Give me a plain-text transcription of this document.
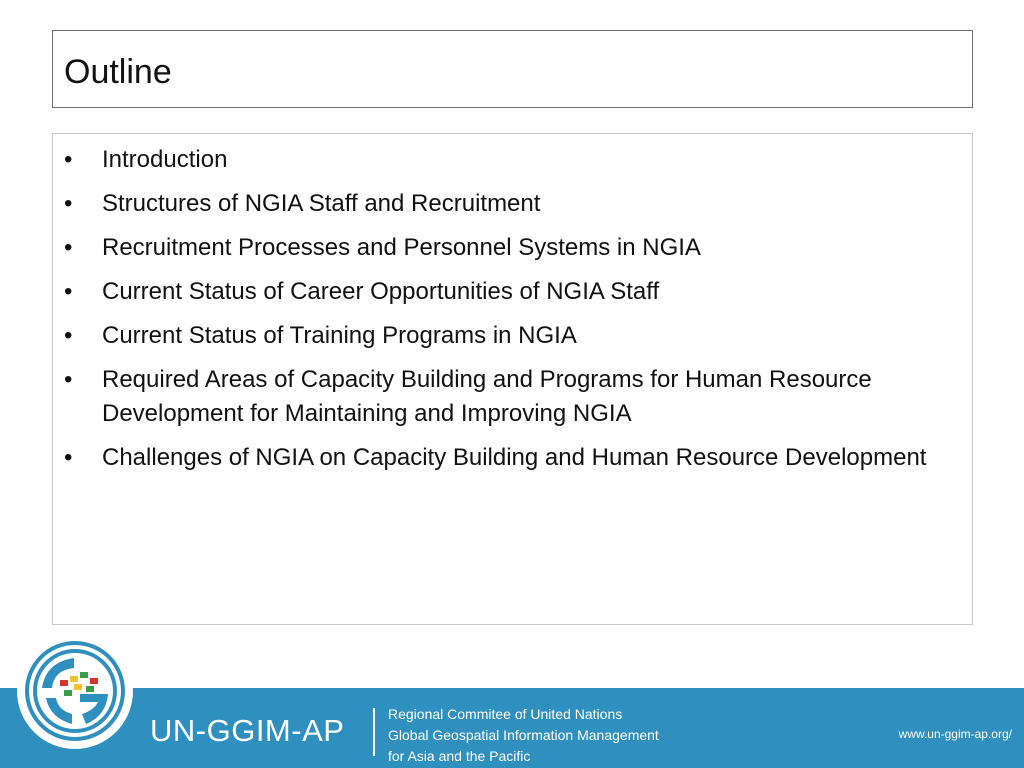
Outline
•	Introduction
•	Structures of NGIA Staff and Recruitment
•	Recruitment Processes and Personnel Systems in NGIA
•	Current Status of Career Opportunities of NGIA Staff
•	Current Status of Training Programs in NGIA
•	Required Areas of Capacity Building and Programs for Human Resource Development for Maintaining and Improving NGIA
•	Challenges of NGIA on Capacity Building and Human Resource Development
UN-GGIM-AP	Regional Commitee of United Nations
Global Geospatial Information Management
for Asia and the Pacific
www.un-ggim-ap.org/
